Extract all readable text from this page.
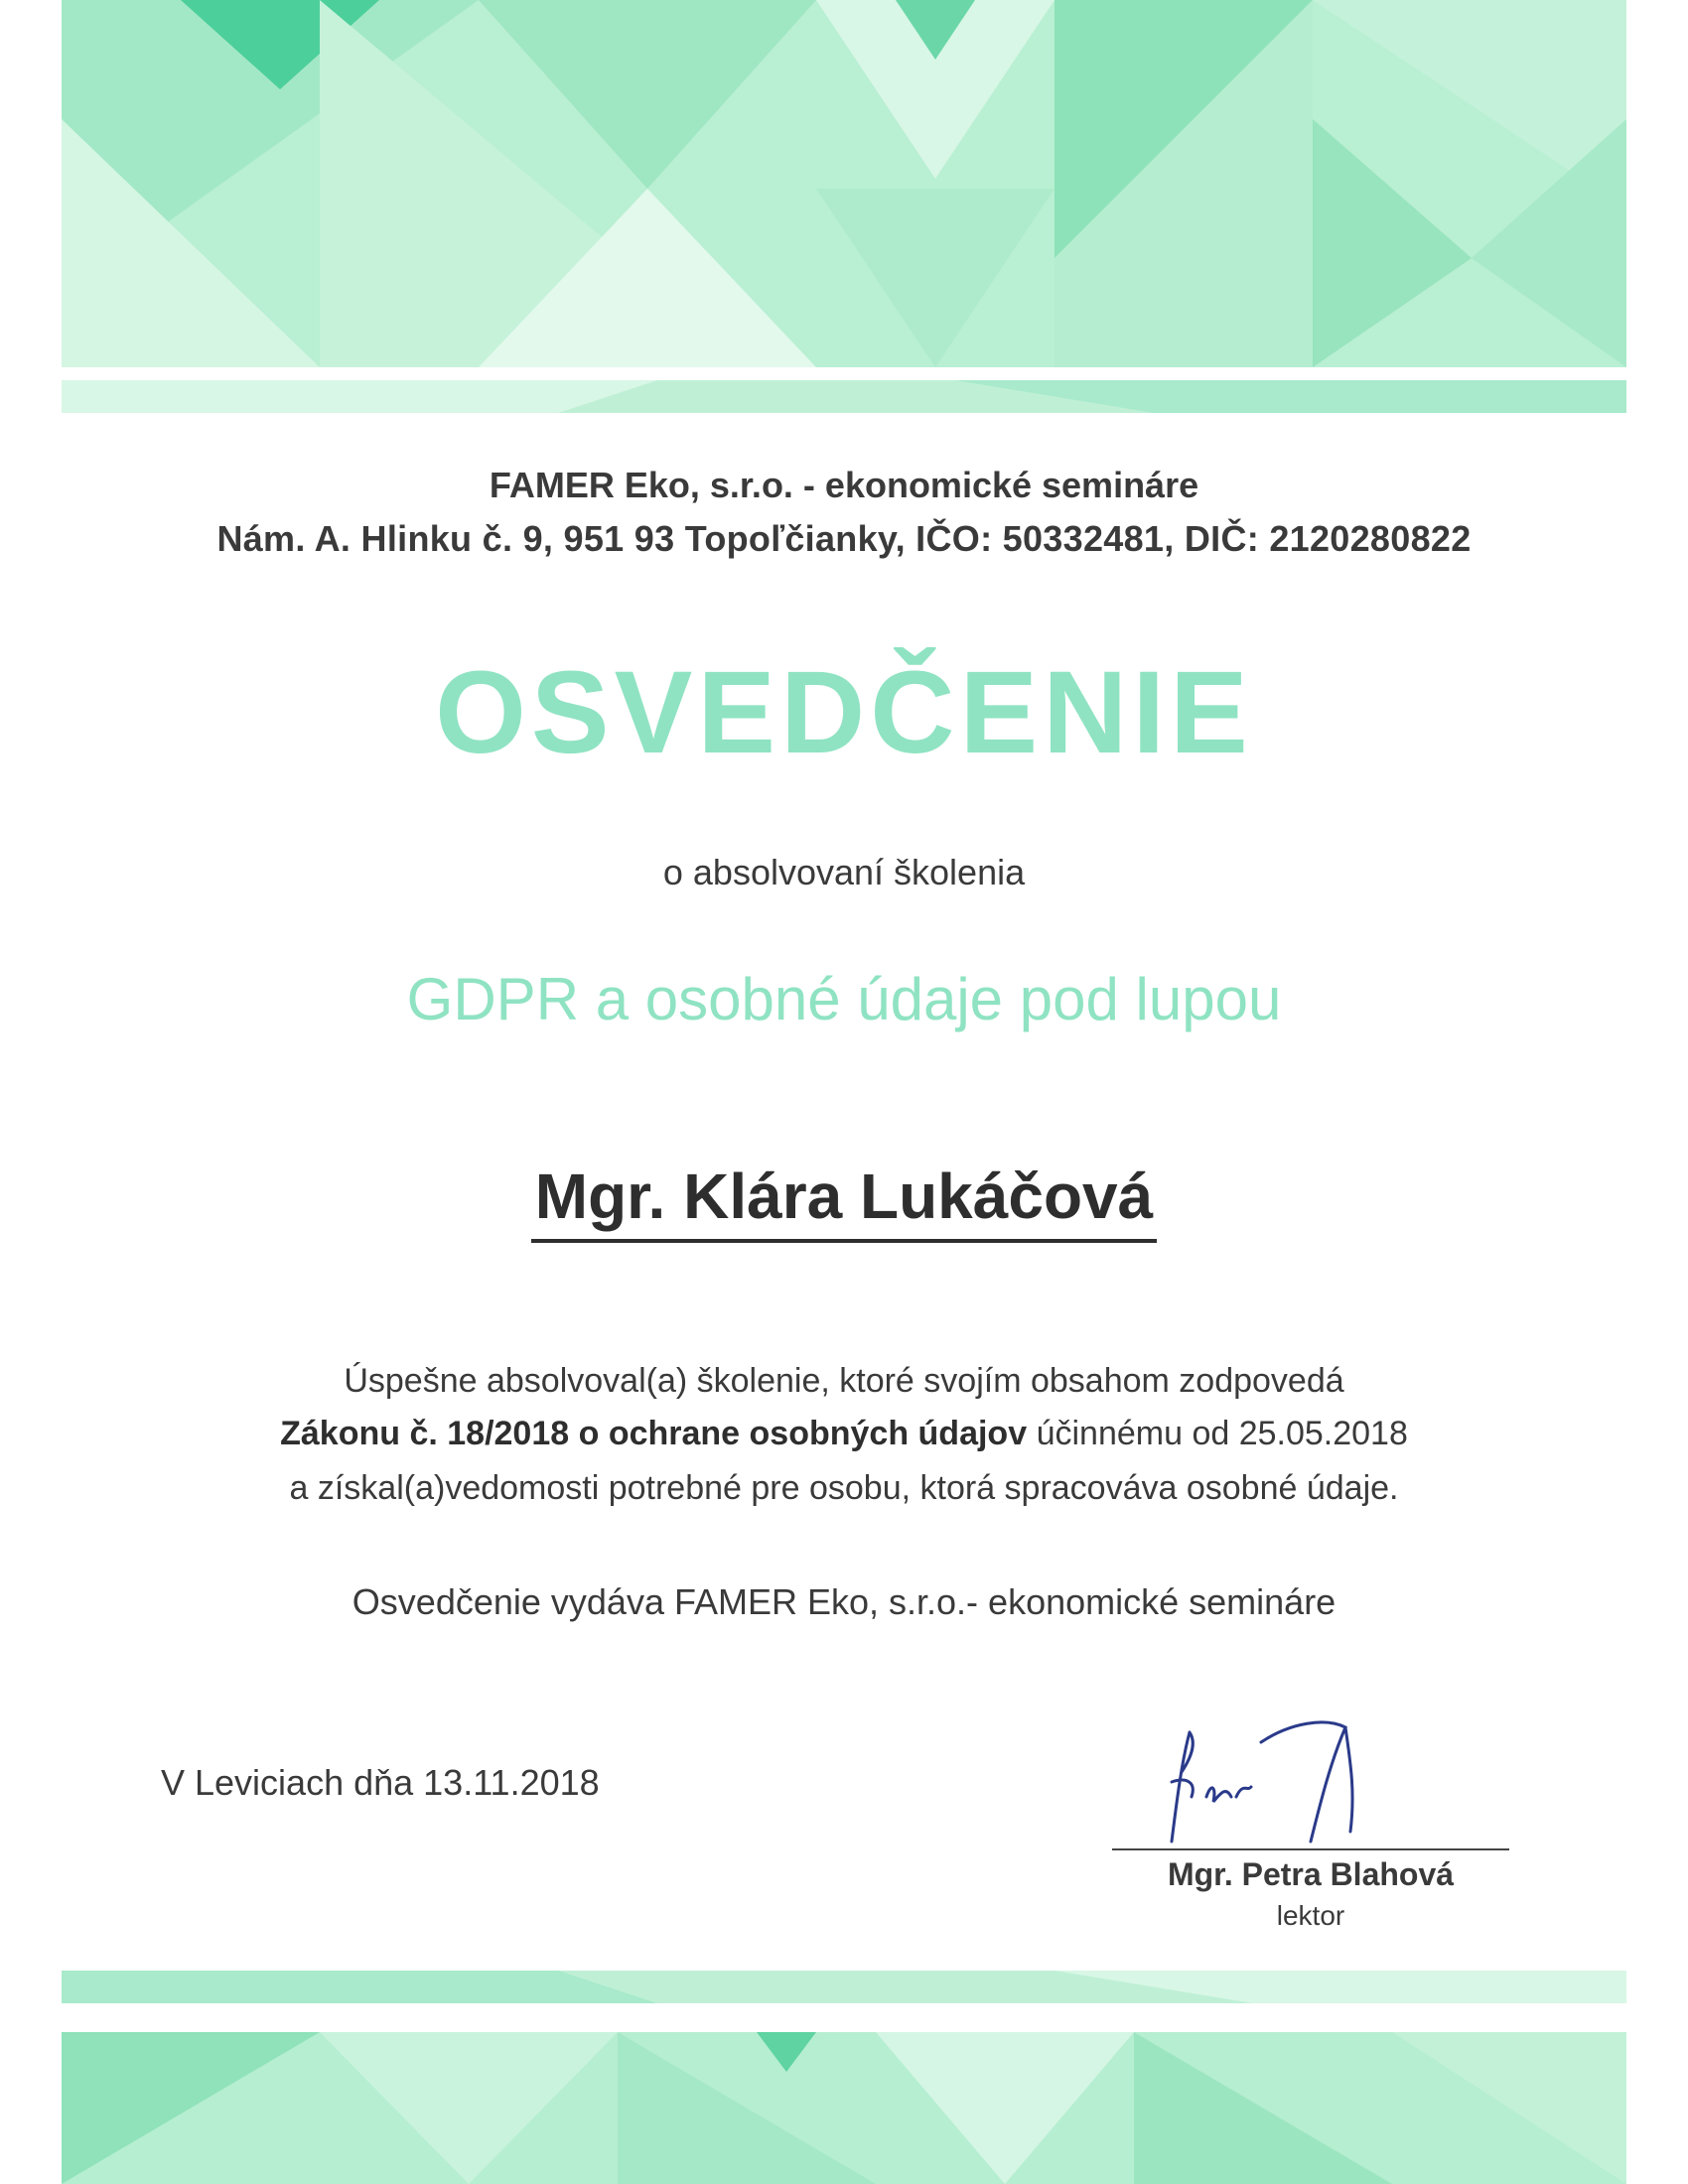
FAMER Eko, s.r.o. - ekonomické semináre
Nám. A. Hlinku č. 9, 951 93 Topoľčianky, IČO: 50332481, DIČ: 2120280822
OSVEDČENIE
o absolvovaní školenia
GDPR a osobné údaje pod lupou
Mgr. Klára Lukáčová
Úspešne absolvoval(a) školenie, ktoré svojím obsahom zodpovedá
Zákonu č. 18/2018 o ochrane osobných údajov účinnému od 25.05.2018
a získal(a)vedomosti potrebné pre osobu, ktorá spracováva osobné údaje.
Osvedčenie vydáva FAMER Eko, s.r.o.- ekonomické semináre
V Leviciach dňa 13.11.2018
Mgr. Petra Blahová
lektor
